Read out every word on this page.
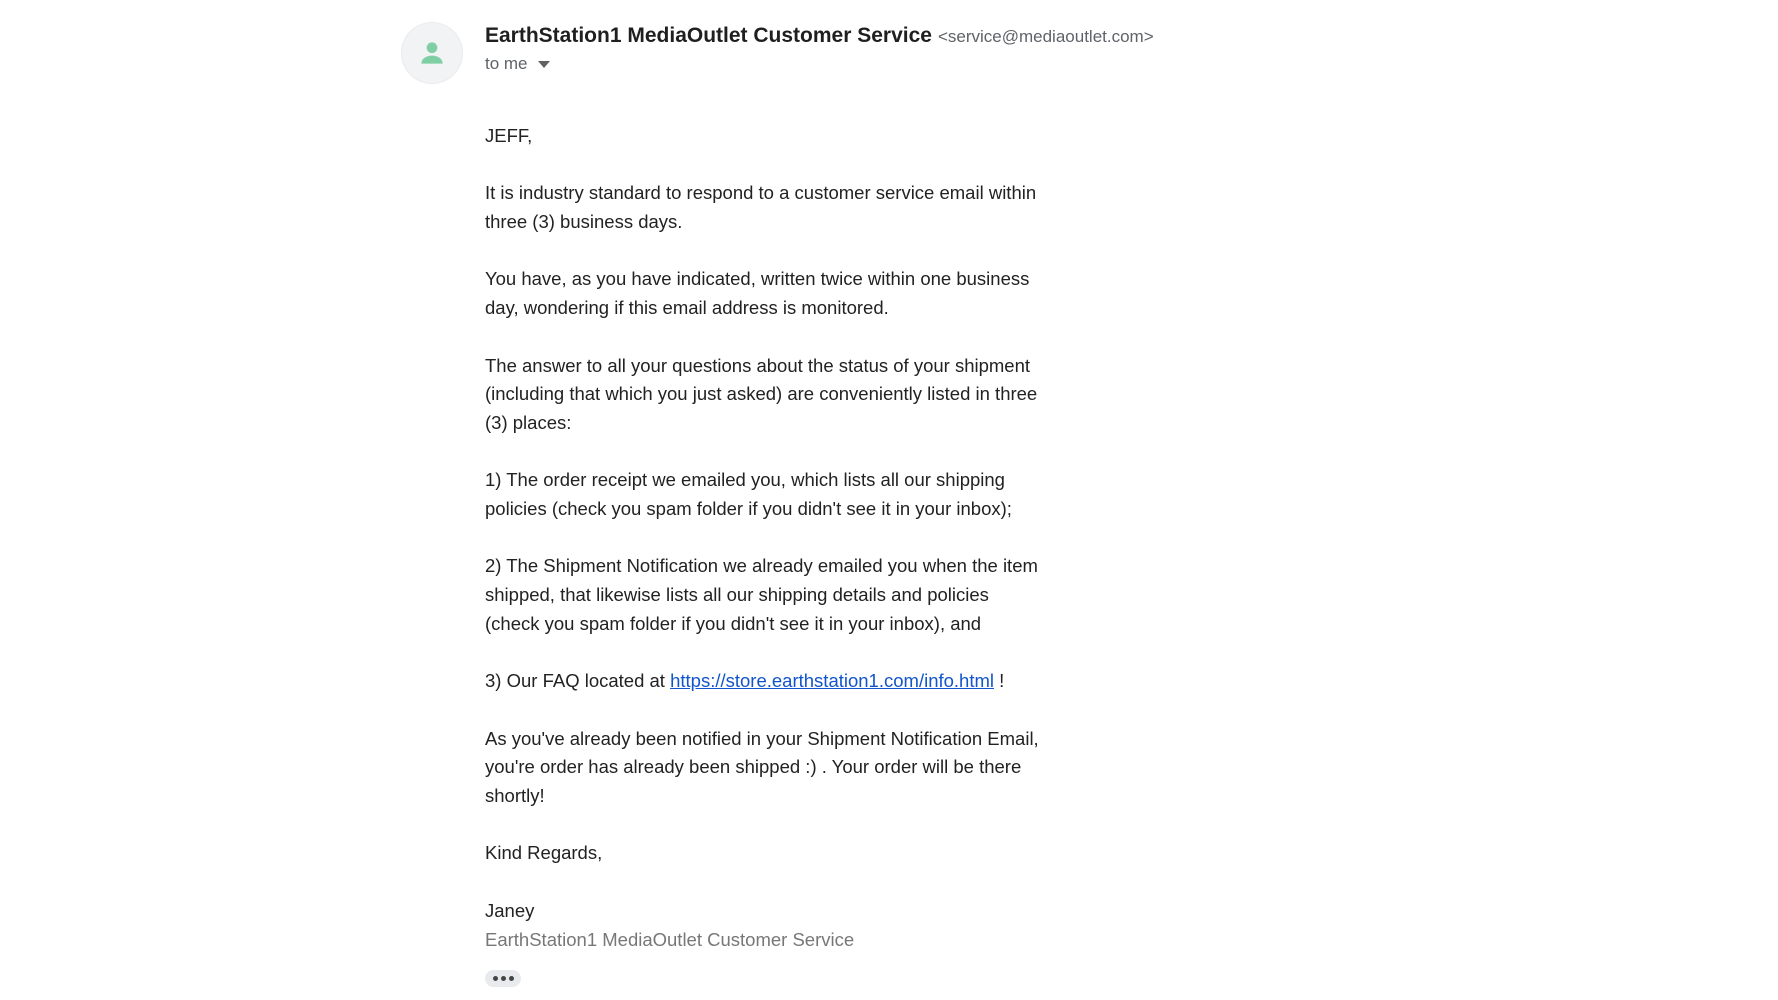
EarthStation1 MediaOutlet Customer Service <service@mediaoutlet.com>
to me

JEFF,

It is industry standard to respond to a customer service email within
three (3) business days.

You have, as you have indicated, written twice within one business
day, wondering if this email address is monitored.

The answer to all your questions about the status of your shipment
(including that which you just asked) are conveniently listed in three
(3) places:

1) The order receipt we emailed you, which lists all our shipping
policies (check you spam folder if you didn't see it in your inbox);

2) The Shipment Notification we already emailed you when the item
shipped, that likewise lists all our shipping details and policies
(check you spam folder if you didn't see it in your inbox), and

3) Our FAQ located at https://store.earthstation1.com/info.html !

As you've already been notified in your Shipment Notification Email,
you're order has already been shipped :) . Your order will be there
shortly!

Kind Regards,

Janey
EarthStation1 MediaOutlet Customer Service
